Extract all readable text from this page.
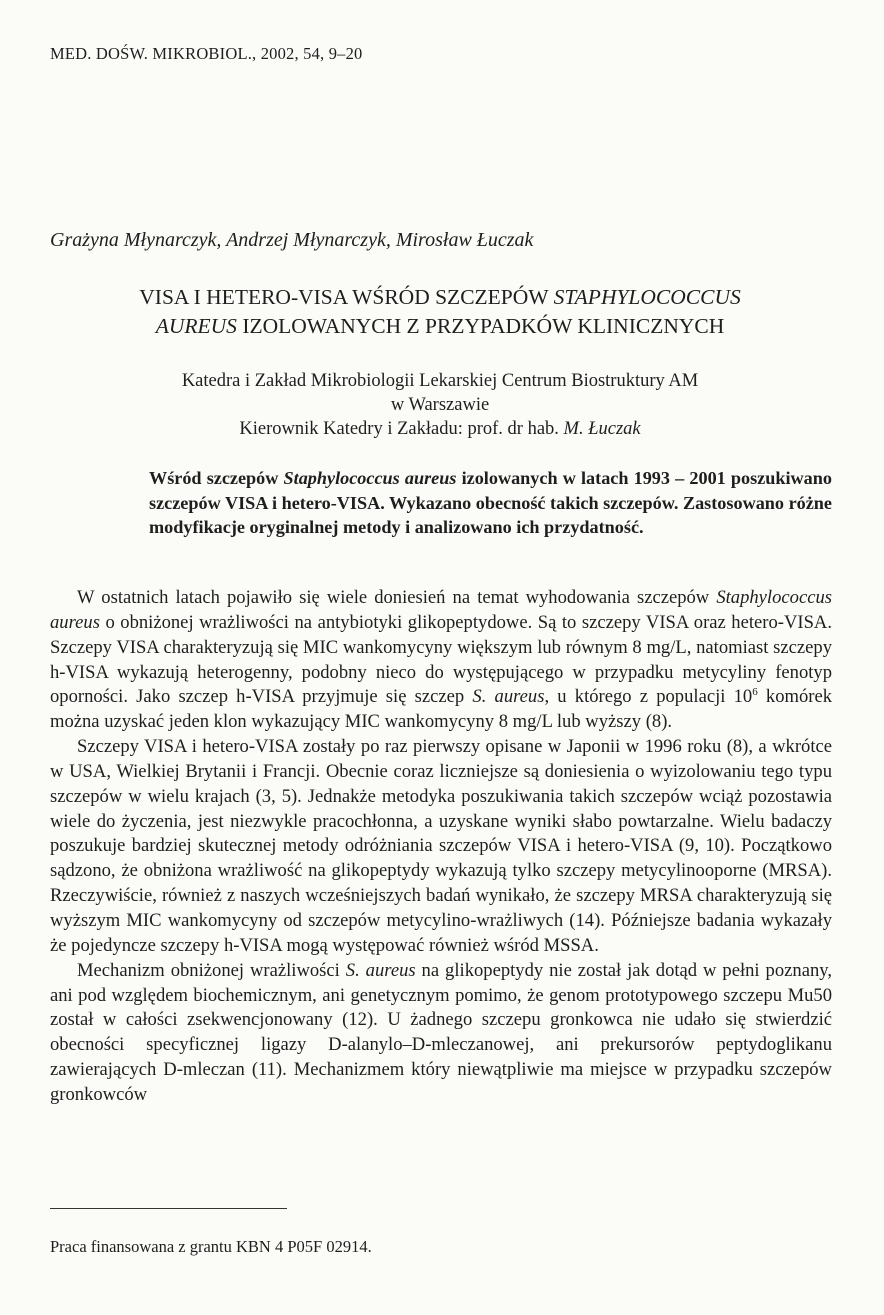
MED. DOŚW. MIKROBIOL., 2002, 54, 9–20
Grażyna Młynarczyk, Andrzej Młynarczyk, Mirosław Łuczak
VISA I HETERO-VISA WŚRÓD SZCZEPÓW STAPHYLOCOCCUS
AUREUS IZOLOWANYCH Z PRZYPADKÓW KLINICZNYCH
Katedra i Zakład Mikrobiologii Lekarskiej Centrum Biostruktury AM
w Warszawie
Kierownik Katedry i Zakładu: prof. dr hab. M. Łuczak
Wśród szczepów Staphylococcus aureus izolowanych w latach 1993 – 2001 poszukiwano szczepów VISA i hetero-VISA. Wykazano obecność takich szczepów. Zastosowano różne modyfikacje oryginalnej metody i analizowano ich przydatność.

W ostatnich latach pojawiło się wiele doniesień na temat wyhodowania szczepów Staphylococcus aureus o obniżonej wrażliwości na antybiotyki glikopeptydowe. Są to szczepy VISA oraz hetero-VISA. Szczepy VISA charakteryzują się MIC wankomycyny większym lub równym 8 mg/L, natomiast szczepy h-VISA wykazują heterogenny, podobny nieco do występującego w przypadku metycyliny fenotyp oporności. Jako szczep h-VISA przyjmuje się szczep S. aureus, u którego z populacji $10^6$ komórek można uzyskać jeden klon wykazujący MIC wankomycyny 8 mg/L lub wyższy (8).

Szczepy VISA i hetero-VISA zostały po raz pierwszy opisane w Japonii w 1996 roku (8), a wkrótce w USA, Wielkiej Brytanii i Francji. Obecnie coraz liczniejsze są doniesienia o wyizolowaniu tego typu szczepów w wielu krajach (3, 5). Jednakże metodyka poszukiwania takich szczepów wciąż pozostawia wiele do życzenia, jest niezwykle pracochłonna, a uzyskane wyniki słabo powtarzalne. Wielu badaczy poszukuje bardziej skutecznej metody odróżniania szczepów VISA i hetero-VISA (9, 10). Początkowo sądzono, że obniżona wrażliwość na glikopeptydy wykazują tylko szczepy metycylinooporne (MRSA). Rzeczywiście, również z naszych wcześniejszych badań wynikało, że szczepy MRSA charakteryzują się wyższym MIC wankomycyny od szczepów metycylino-wrażliwych (14). Późniejsze badania wykazały że pojedyncze szczepy h-VISA mogą występować również wśród MSSA.

Mechanizm obniżonej wrażliwości S. aureus na glikopeptydy nie został jak dotąd w pełni poznany, ani pod względem biochemicznym, ani genetycznym pomimo, że genom prototypowego szczepu Mu50 został w całości zsekwencjonowany (12). U żadnego szczepu gronkowca nie udało się stwierdzić obecności specyficznej ligazy D-alanylo–D-mleczanowej, ani prekursorów peptydoglikanu zawierających D-mleczan (11). Mechanizmem który niewątpliwie ma miejsce w przypadku szczepów gronkowców

Praca finansowana z grantu KBN 4 P05F 02914.
